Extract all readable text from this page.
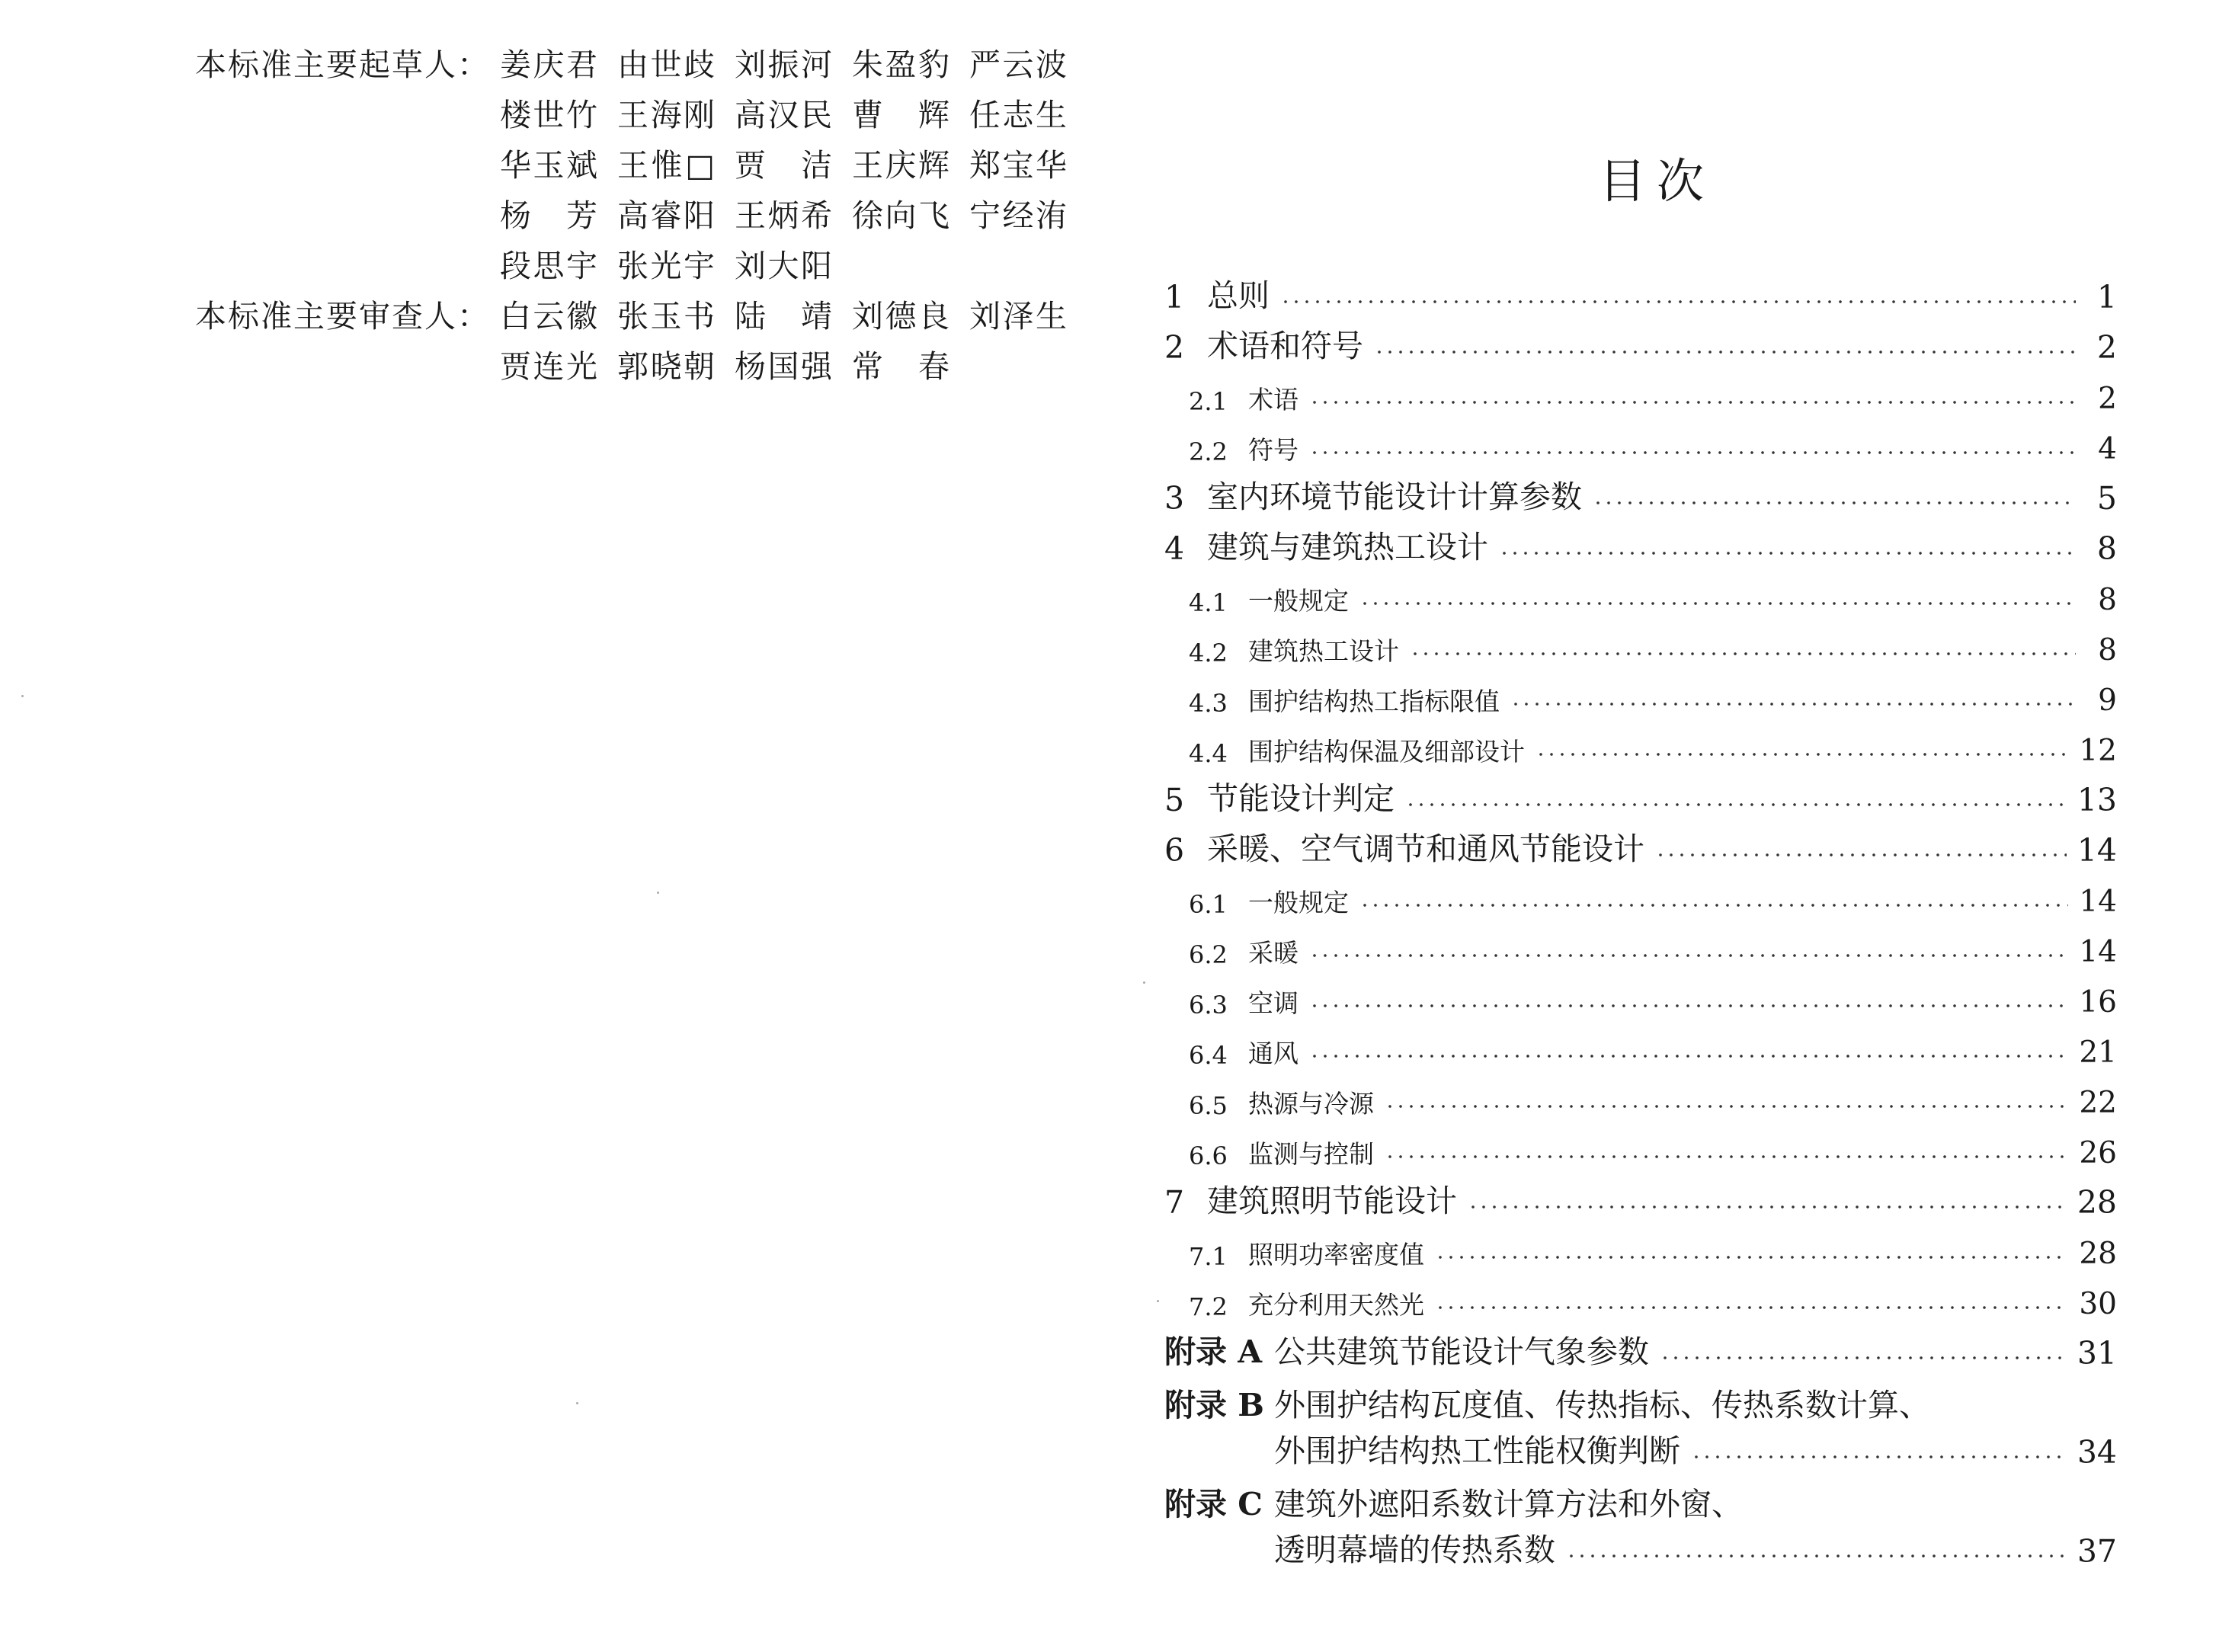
本标准主要起草人： 姜庆君 由世歧 刘振河 朱盈豹 严云波
楼世竹 王海刚 高汉民 曹　辉 任志生
华玉斌 王惟□ 贾　洁 王庆辉 郑宝华
杨　芳 高睿阳 王炳希 徐向飞 宁经洧
段思宇 张光宇 刘大阳
本标准主要审查人： 白云徽 张玉书 陆　靖 刘德良 刘泽生
贾连光 郭晓朝 杨国强 常　春
目次
1 总则	1
2 术语和符号	2
2.1 术语	2
2.2 符号	4
3 室内环境节能设计计算参数	5
4 建筑与建筑热工设计	8
4.1 一般规定	8
4.2 建筑热工设计	8
4.3 围护结构热工指标限值	9
4.4 围护结构保温及细部设计	12
5 节能设计判定	13
6 采暖、空气调节和通风节能设计	14
6.1 一般规定	14
6.2 采暖	14
6.3 空调	16
6.4 通风	21
6.5 热源与冷源	22
6.6 监测与控制	26
7 建筑照明节能设计	28
7.1 照明功率密度值	28
7.2 充分利用天然光	30
附录 A 公共建筑节能设计气象参数	31
附录 B 外围护结构瓦度值、传热指标、传热系数计算、
外围护结构热工性能权衡判断	34
附录 C 建筑外遮阳系数计算方法和外窗、
透明幕墙的传热系数	37
